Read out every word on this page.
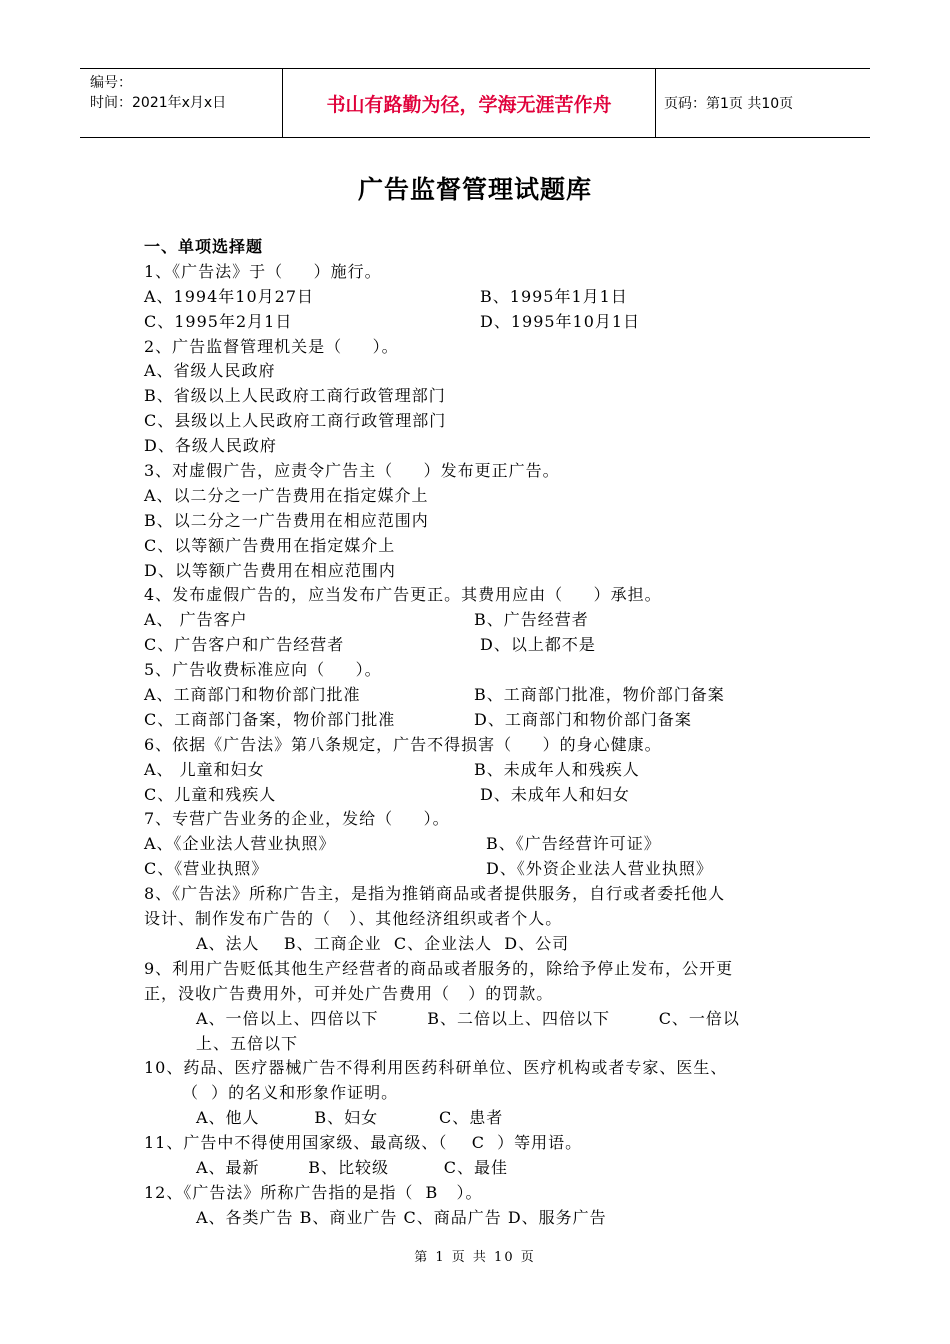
编号：
时间：2021年x月x日	书山有路勤为径，学海无涯苦作舟	页码：第1页 共10页
广告监督管理试题库
一、单项选择题
1、《广告法》于（     ）施行。
A、1994年10月27日	B、1995年1月1日
C、1995年2月1日	D、1995年10月1日
2、广告监督管理机关是（     ）。
A、省级人民政府
B、省级以上人民政府工商行政管理部门
C、县级以上人民政府工商行政管理部门
D、各级人民政府
3、对虚假广告，应责令广告主（     ）发布更正广告。
A、以二分之一广告费用在指定媒介上
B、以二分之一广告费用在相应范围内
C、以等额广告费用在指定媒介上
D、以等额广告费用在相应范围内
4、发布虚假广告的，应当发布广告更正。其费用应由（     ）承担。
A、 广告客户	B、广告经营者
C、广告客户和广告经营者	D、以上都不是
5、广告收费标准应向（     ）。
A、工商部门和物价部门批准	B、工商部门批准，物价部门备案
C、工商部门备案，物价部门批准	D、工商部门和物价部门备案
6、依据《广告法》第八条规定，广告不得损害（     ）的身心健康。
A、 儿童和妇女	B、未成年人和残疾人
C、儿童和残疾人	D、未成年人和妇女
7、专营广告业务的企业，发给（     ）。
A、《企业法人营业执照》	B、《广告经营许可证》
C、《营业执照》	D、《外资企业法人营业执照》
8、《广告法》所称广告主，是指为推销商品或者提供服务，自行或者委托他人
设计、制作发布广告的（   ）、其他经济组织或者个人。
A、法人    B、工商企业  C、企业法人  D、公司
9、利用广告贬低其他生产经营者的商品或者服务的，除给予停止发布，公开更
正，没收广告费用外，可并处广告费用（   ）的罚款。
A、一倍以上、四倍以下        B、二倍以上、四倍以下        C、一倍以
上、五倍以下
10、药品、医疗器械广告不得利用医药科研单位、医疗机构或者专家、医生、
（  ）的名义和形象作证明。
A、他人         B、妇女          C、患者
11、广告中不得使用国家级、最高级、（    C  ）等用语。
A、最新        B、比较级         C、最佳
12、《广告法》所称广告指的是指（  B   ）。
A、各类广告 B、商业广告 C、商品广告 D、服务广告
第 1 页 共 10 页
